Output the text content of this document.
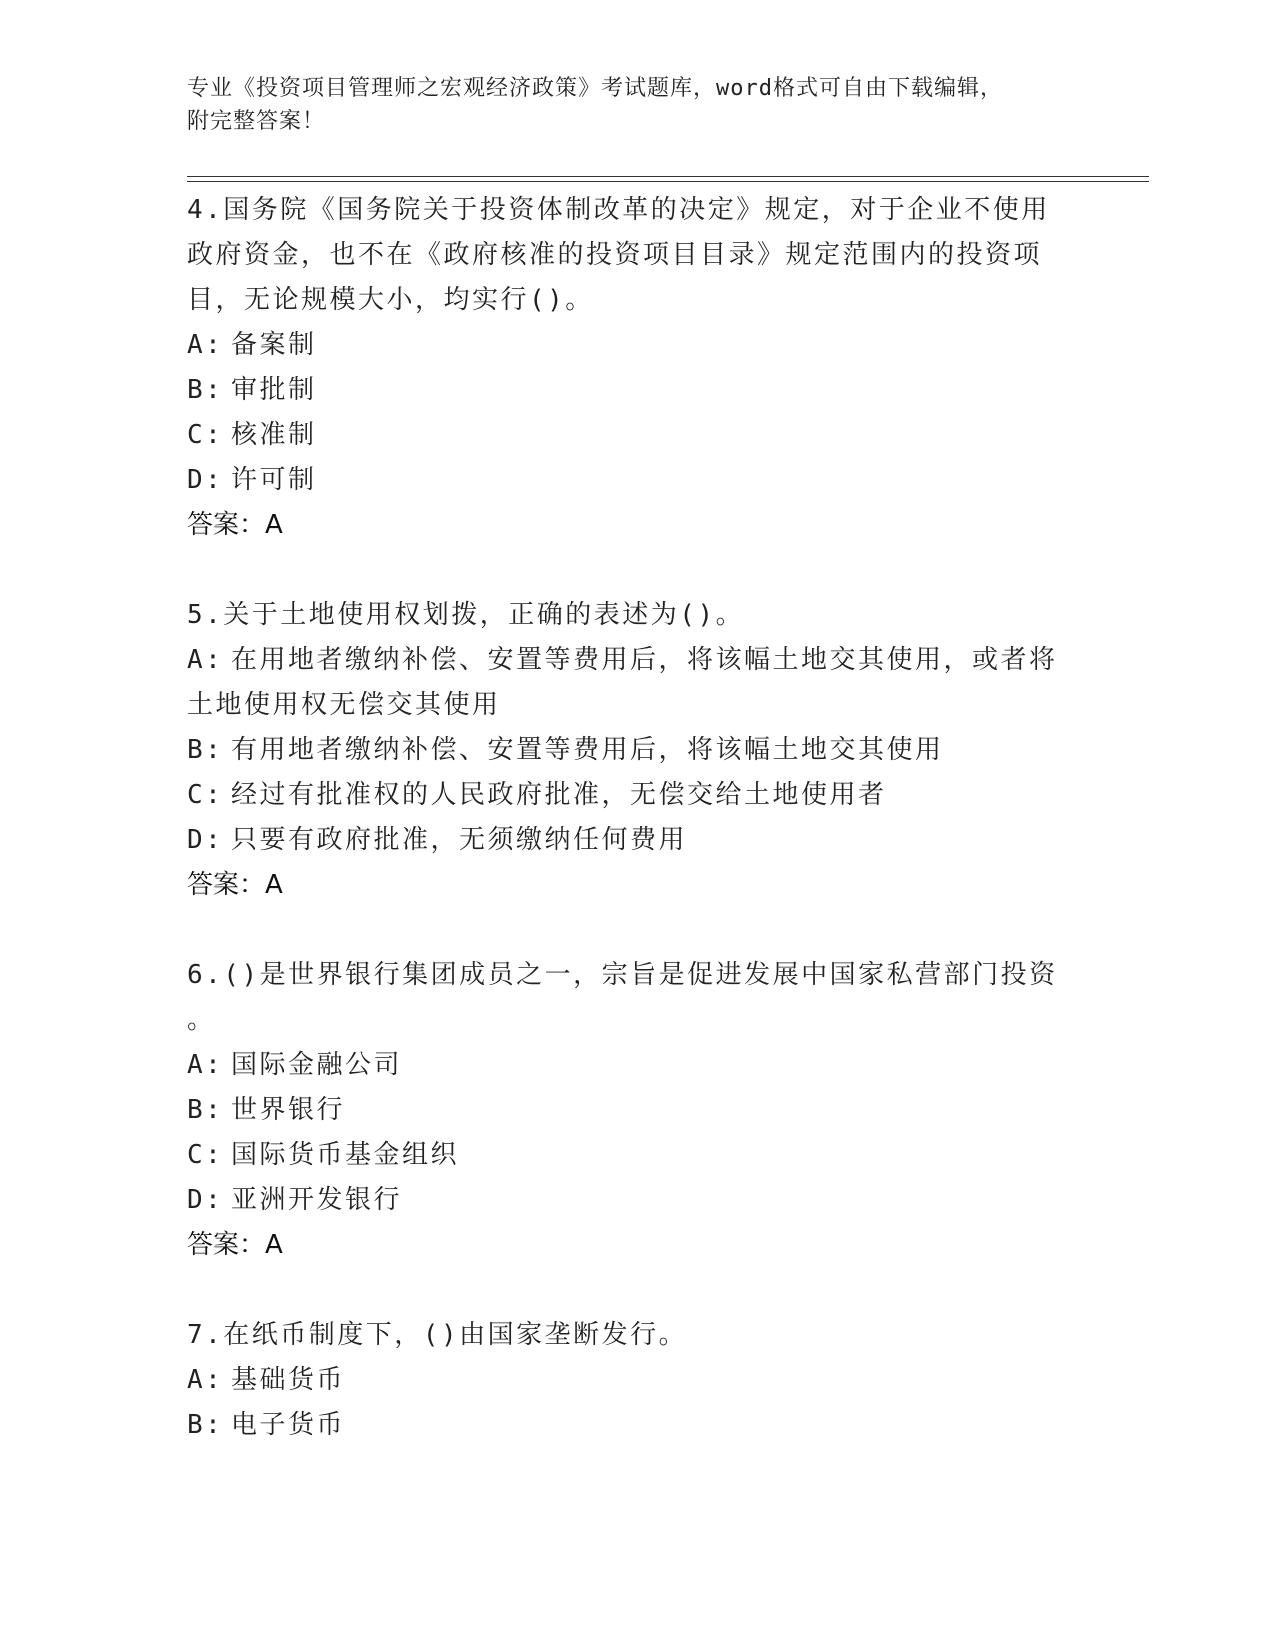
专业《投资项目管理师之宏观经济政策》考试题库，word格式可自由下载编辑，
附完整答案！
4.国务院《国务院关于投资体制改革的决定》规定，对于企业不使用
政府资金，也不在《政府核准的投资项目目录》规定范围内的投资项
目，无论规模大小，均实行()。
A: 备案制
B: 审批制
C: 核准制
D: 许可制
答案：A
5.关于土地使用权划拨，正确的表述为()。
A: 在用地者缴纳补偿、安置等费用后，将该幅土地交其使用，或者将
土地使用权无偿交其使用
B: 有用地者缴纳补偿、安置等费用后，将该幅土地交其使用
C: 经过有批准权的人民政府批准，无偿交给土地使用者
D: 只要有政府批准，无须缴纳任何费用
答案：A
6.()是世界银行集团成员之一，宗旨是促进发展中国家私营部门投资
。
A: 国际金融公司
B: 世界银行
C: 国际货币基金组织
D: 亚洲开发银行
答案：A
7.在纸币制度下，()由国家垄断发行。
A: 基础货币
B: 电子货币
